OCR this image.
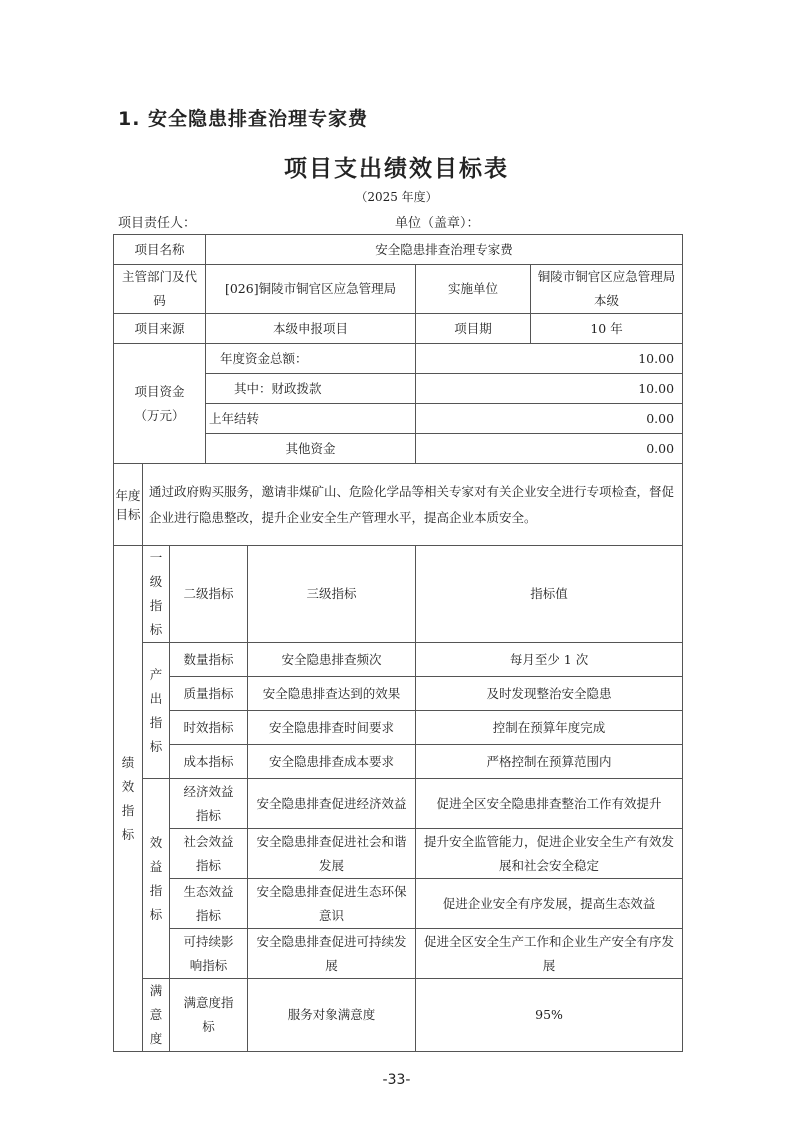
1. 安全隐患排查治理专家费
项目支出绩效目标表
（2025 年度）
项目责任人：	单位（盖章）：
项目名称			安全隐患排查治理专家费			
主管部门及代码			[026]铜陵市铜官区应急管理局		实施单位	铜陵市铜官区应急管理局本级
项目来源			本级申报项目		项目期	10 年
项目资金（万元）			年度资金总额：		10.00	
			其中：财政拨款		10.00	
			上年结转		0.00	
			其他资金		0.00	
年度目标	通过政府购买服务，邀请非煤矿山、危险化学品等相关专家对有关企业安全进行专项检查，督促企业进行隐患整改，提升企业安全生产管理水平，提高企业本质安全。					
绩效指标	一级指标	二级指标		三级指标	指标值	
	产出指标	数量指标		安全隐患排查频次	每月至少 1 次	
		质量指标		安全隐患排查达到的效果	及时发现整治安全隐患	
		时效指标		安全隐患排查时间要求	控制在预算年度完成	
		成本指标		安全隐患排查成本要求	严格控制在预算范围内	
	效益指标	经济效益指标		安全隐患排查促进经济效益	促进全区安全隐患排查整治工作有效提升	
		社会效益指标		安全隐患排查促进社会和谐发展	提升安全监管能力，促进企业安全生产有效发展和社会安全稳定	
		生态效益指标		安全隐患排查促进生态环保意识	促进企业安全有序发展，提高生态效益	
		可持续影响指标		安全隐患排查促进可持续发展	促进全区安全生产工作和企业生产安全有序发展	
	满意度	满意度指标		服务对象满意度	95%	
-33-
